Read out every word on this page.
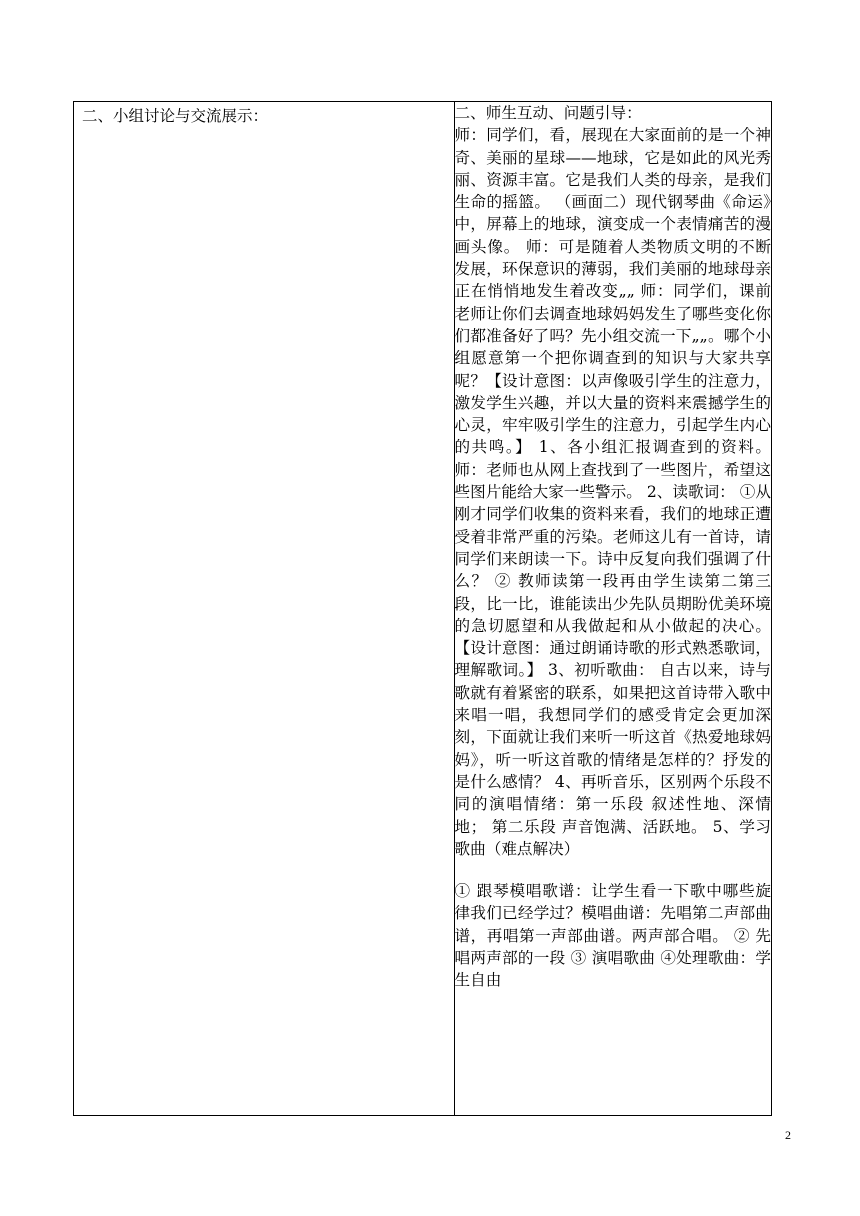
二、小组讨论与交流展示：	二、师生互动、问题引导：

师：同学们，看，展现在大家面前的是一个神奇、美丽的星球——地球，它是如此的风光秀丽、资源丰富。它是我们人类的母亲，是我们生命的摇篮。 （画面二）现代钢琴曲《命运》中，屏幕上的地球，演变成一个表情痛苦的漫画头像。 师：可是随着人类物质文明的不断发展，环保意识的薄弱，我们美丽的地球母亲正在悄悄地发生着改变„„ 师：同学们，课前老师让你们去调查地球妈妈发生了哪些变化你们都准备好了吗？先小组交流一下„„。哪个小组愿意第一个把你调查到的知识与大家共享呢？【设计意图：以声像吸引学生的注意力，激发学生兴趣，并以大量的资料来震撼学生的心灵，牢牢吸引学生的注意力，引起学生内心的共鸣。】 1、各小组汇报调查到的资料。 师：老师也从网上查找到了一些图片，希望这些图片能给大家一些警示。 2、读歌词： ①从刚才同学们收集的资料来看，我们的地球正遭受着非常严重的污染。老师这儿有一首诗，请同学们来朗读一下。诗中反复向我们强调了什么？ ② 教师读第一段再由学生读第二第三段，比一比，谁能读出少先队员期盼优美环境的急切愿望和从我做起和从小做起的决心。【设计意图：通过朗诵诗歌的形式熟悉歌词，理解歌词。】 3、初听歌曲： 自古以来，诗与歌就有着紧密的联系，如果把这首诗带入歌中来唱一唱，我想同学们的感受肯定会更加深刻，下面就让我们来听一听这首《热爱地球妈妈》，听一听这首歌的情绪是怎样的？抒发的是什么感情？ 4、再听音乐，区别两个乐段不同的演唱情绪：第一乐段 叙述性地、深情地； 第二乐段 声音饱满、活跃地。 5、学习歌曲（难点解决）

① 跟琴模唱歌谱：让学生看一下歌中哪些旋律我们已经学过？模唱曲谱：先唱第二声部曲谱，再唱第一声部曲谱。两声部合唱。 ② 先唱两声部的一段 ③ 演唱歌曲 ④处理歌曲：学生自由

2
